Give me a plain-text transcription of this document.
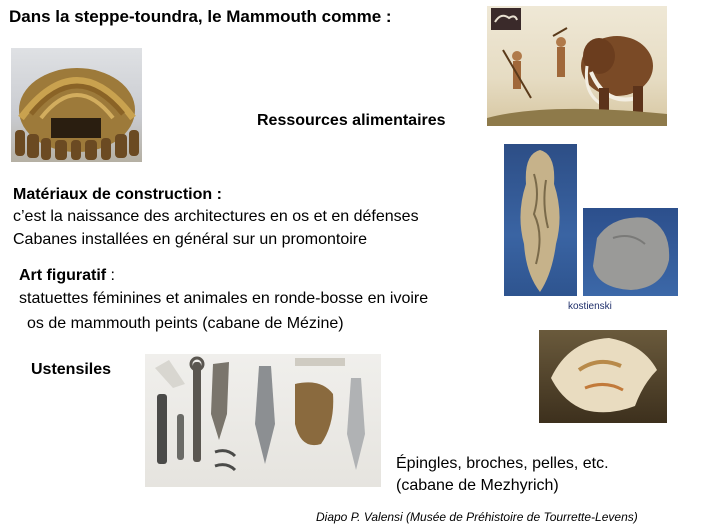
Dans la steppe-toundra, le Mammouth comme :
Ressources alimentaires
Matériaux de construction :
c’est la naissance des architectures en os et en défenses
Cabanes installées en général sur un promontoire
kostienski
Art figuratif :
statuettes féminines et animales en ronde-bosse en ivoire
os de mammouth peints (cabane de Mézine)
Ustensiles
Épingles, broches, pelles, etc.
(cabane de Mezhyrich)
Diapo P. Valensi (Musée de Préhistoire de Tourrette-Levens)
